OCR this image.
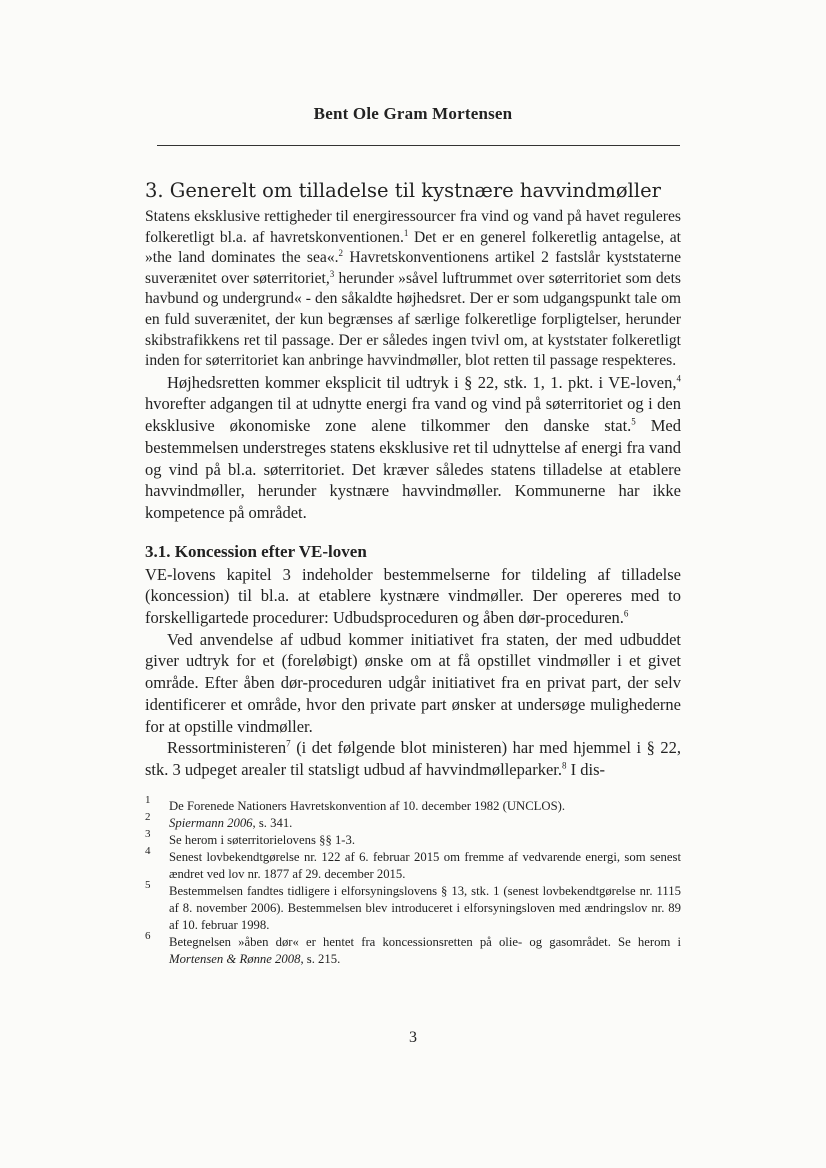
Bent Ole Gram Mortensen
3. Generelt om tilladelse til kystnære havvindmøller

Statens eksklusive rettigheder til energiressourcer fra vind og vand på havet reguleres folkeretligt bl.a. af havretskonventionen.$^1$ Det er en generel folkeretlig antagelse, at »the land dominates the sea«.$^2$ Havretskonventionens artikel 2 fastslår kyststaterne suverænitet over søterritoriet,$^3$ herunder »såvel luftrummet over søterritoriet som dets havbund og undergrund« - den såkaldte højhedsret. Der er som udgangspunkt tale om en fuld suverænitet, der kun begrænses af særlige folkeretlige forpligtelser, herunder skibstrafikkens ret til passage. Der er således ingen tvivl om, at kyststater folkeretligt inden for søterritoriet kan anbringe havvindmøller, blot retten til passage respekteres.

Højhedsretten kommer eksplicit til udtryk i § 22, stk. 1, 1. pkt. i VE-loven,$^4$ hvorefter adgangen til at udnytte energi fra vand og vind på søterritoriet og i den eksklusive økonomiske zone alene tilkommer den danske stat.$^5$ Med bestemmelsen understreges statens eksklusive ret til udnyttelse af energi fra vand og vind på bl.a. søterritoriet. Det kræver således statens tilladelse at etablere havvindmøller, herunder kystnære havvindmøller. Kommunerne har ikke kompetence på området.

3.1. Koncession efter VE-loven

VE-lovens kapitel 3 indeholder bestemmelserne for tildeling af tilladelse (koncession) til bl.a. at etablere kystnære vindmøller. Der opereres med to forskelligartede procedurer: Udbudsproceduren og åben dør-proceduren.$^6$

Ved anvendelse af udbud kommer initiativet fra staten, der med udbuddet giver udtryk for et (foreløbigt) ønske om at få opstillet vindmøller i et givet område. Efter åben dør-proceduren udgår initiativet fra en privat part, der selv identificerer et område, hvor den private part ønsker at undersøge mulighederne for at opstille vindmøller.

Ressortministeren$^7$ (i det følgende blot ministeren) har med hjemmel i § 22, stk. 3 udpeget arealer til statsligt udbud af havvindmølleparker.$^8$ I dis-

1	De Forenede Nationers Havretskonvention af 10. december 1982 (UNCLOS).
2	Spiermann 2006, s. 341.
3	Se herom i søterritorielovens §§ 1-3.
4	Senest lovbekendtgørelse nr. 122 af 6. februar 2015 om fremme af vedvarende energi, som senest ændret ved lov nr. 1877 af 29. december 2015.
5	Bestemmelsen fandtes tidligere i elforsyningslovens § 13, stk. 1 (senest lovbekendtgørelse nr. 1115 af 8. november 2006). Bestemmelsen blev introduceret i elforsyningsloven med ændringslov nr. 89 af 10. februar 1998.
6	Betegnelsen »åben dør« er hentet fra koncessionsretten på olie- og gasområdet. Se herom i Mortensen & Rønne 2008, s. 215.
3
